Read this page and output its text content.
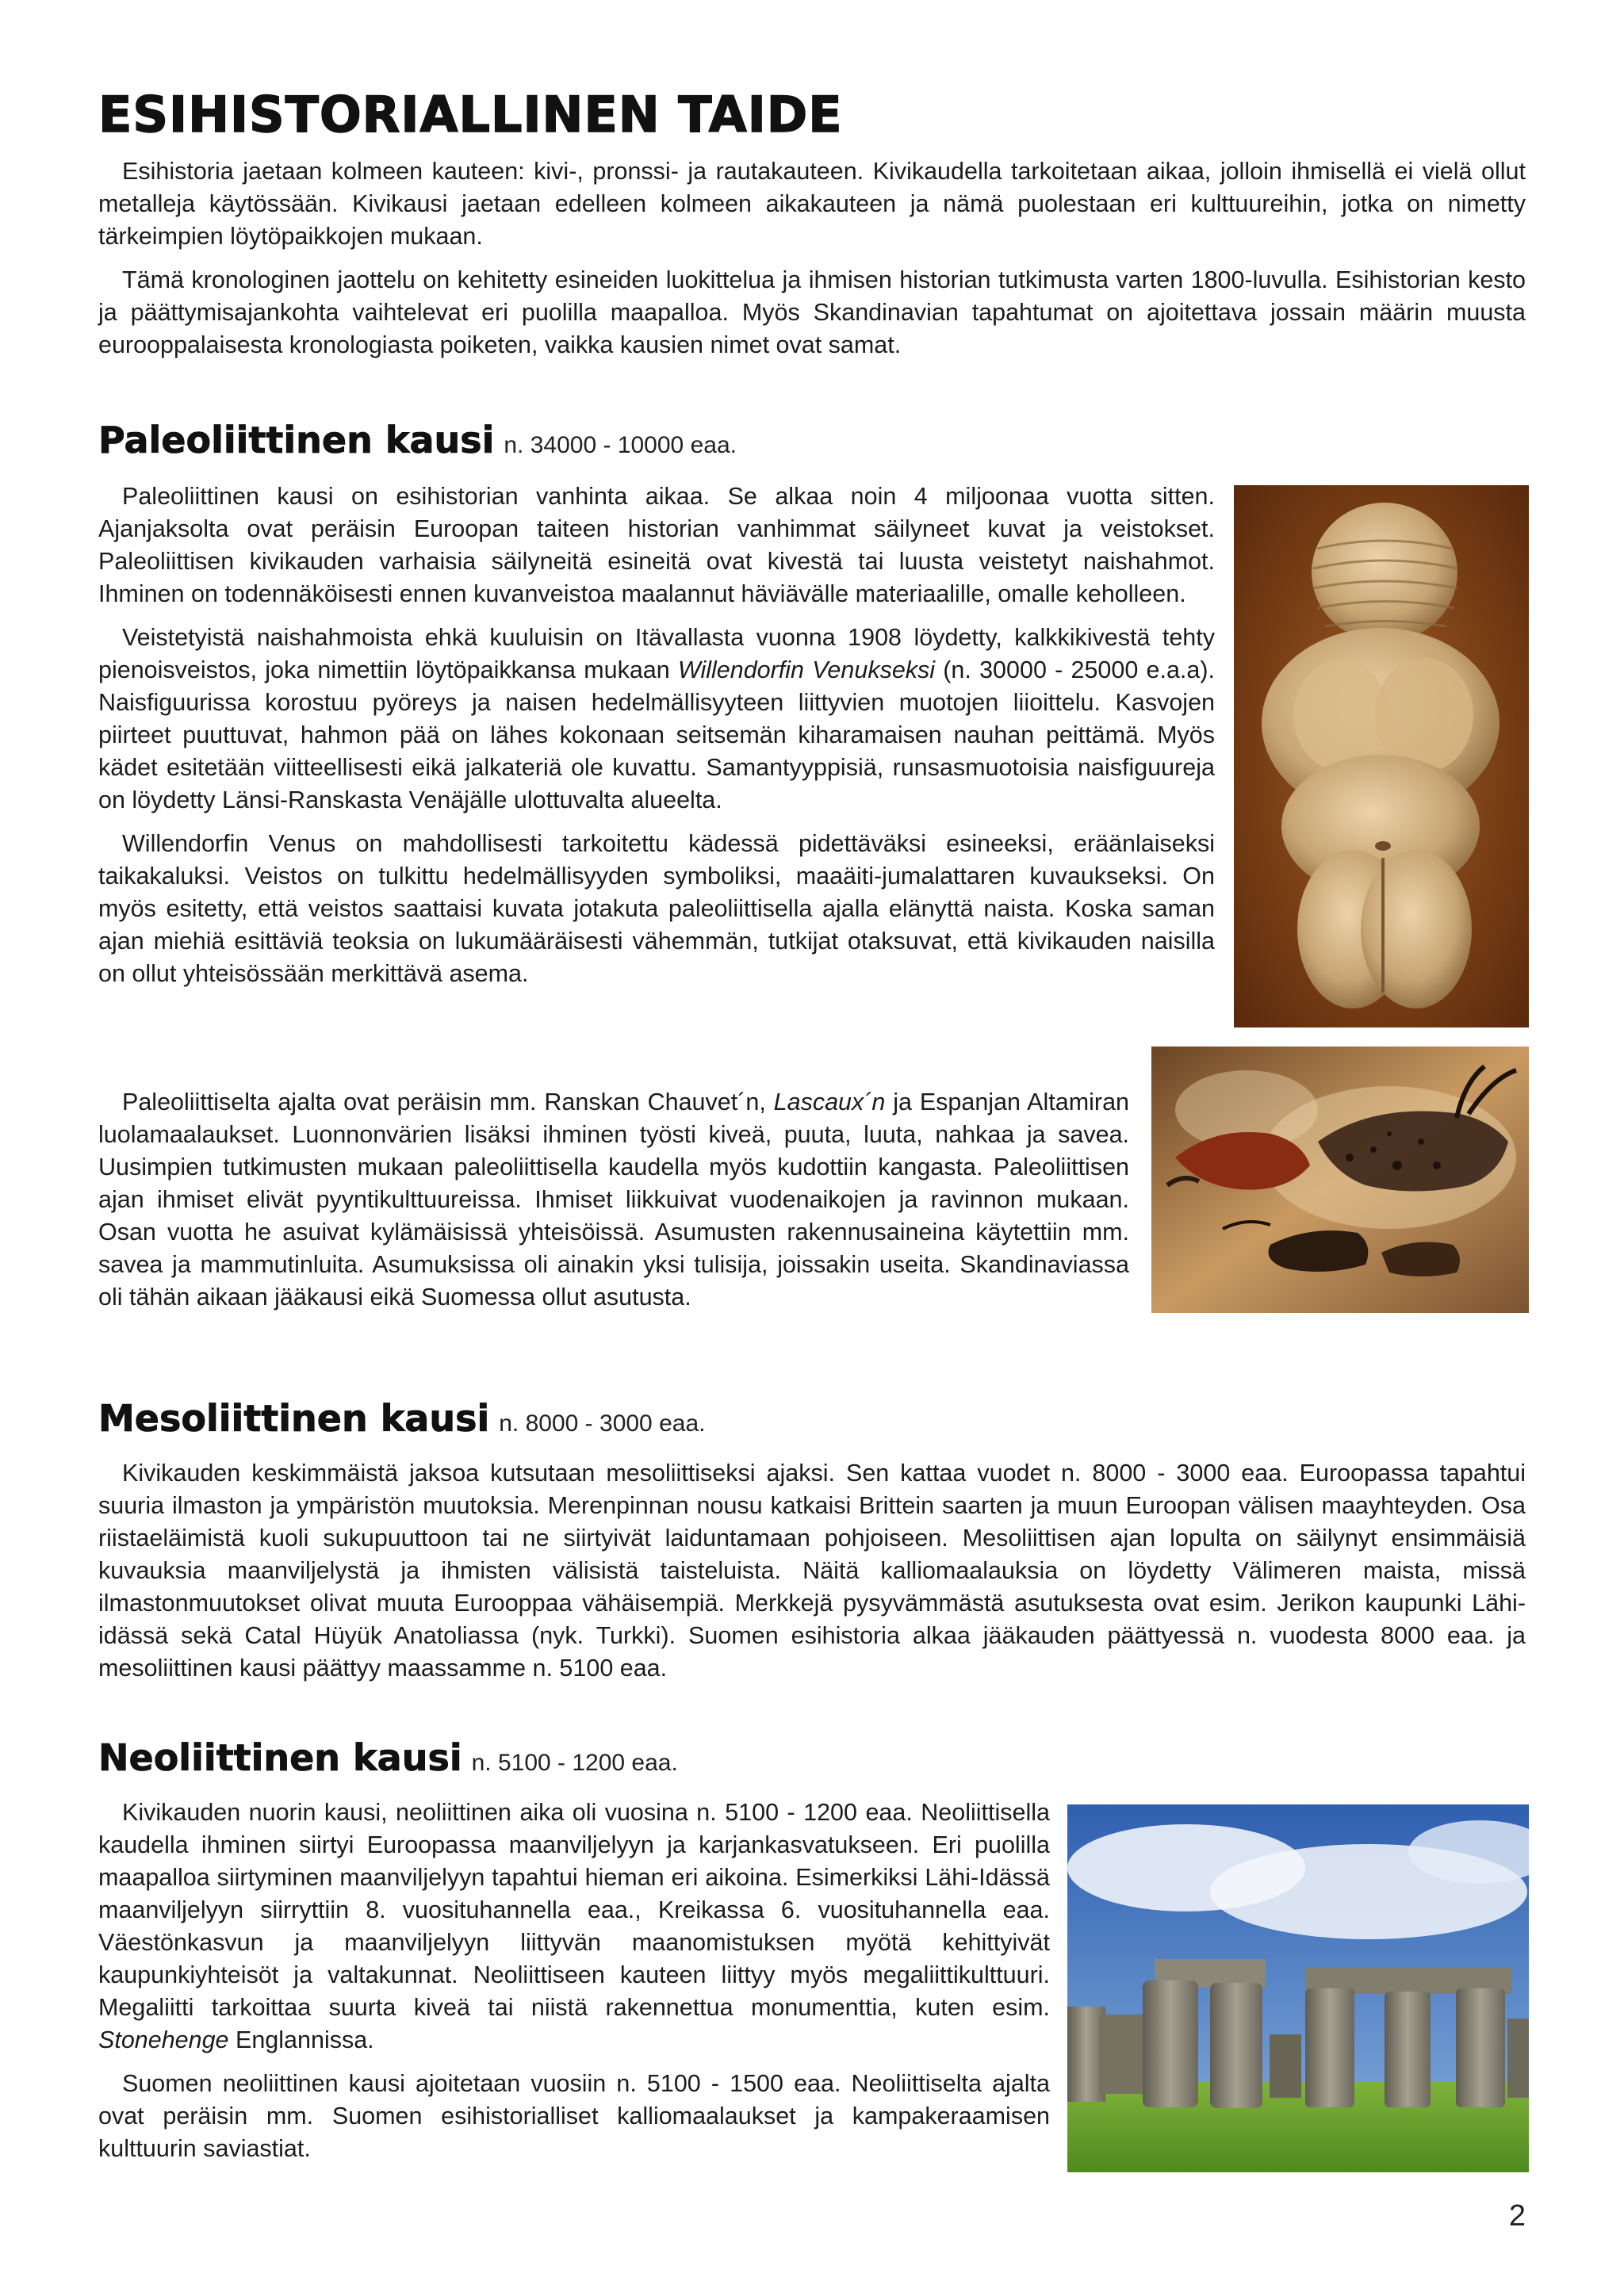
ESIHISTORIALLINEN TAIDE

Esihistoria jaetaan kolmeen kauteen: kivi-, pronssi- ja rautakauteen. Kivikaudella tarkoitetaan aikaa, jolloin ihmisellä ei vielä ollut metalleja käytössään. Kivikausi jaetaan edelleen kolmeen aikakauteen ja nämä puolestaan eri kulttuureihin, jotka on nimetty tärkeimpien löytöpaikkojen mukaan.

Tämä kronologinen jaottelu on kehitetty esineiden luokittelua ja ihmisen historian tutkimusta varten 1800-luvulla. Esihistorian kesto ja päättymisajankohta vaihtelevat eri puolilla maapalloa. Myös Skandinavian tapahtumat on ajoitettava jossain määrin muusta eurooppalaisesta kronologiasta poiketen, vaikka kausien nimet ovat samat.

Paleoliittinen kausi n. 34000 - 10000 eaa.

Paleoliittinen kausi on esihistorian vanhinta aikaa. Se alkaa noin 4 miljoonaa vuotta sitten. Ajanjaksolta ovat peräisin Euroopan taiteen historian vanhimmat säilyneet kuvat ja veistokset. Paleoliittisen kivikauden varhaisia säilyneitä esineitä ovat kivestä tai luusta veistetyt naishahmot. Ihminen on todennäköisesti ennen kuvanveistoa maalannut häviävälle materiaalille, omalle keholleen.

Veistetyistä naishahmoista ehkä kuuluisin on Itävallasta vuonna 1908 löydetty, kalkkikivestä tehty pienoisveistos, joka nimettiin löytöpaikkansa mukaan Willendorfin Venukseksi (n. 30000 - 25000 e.a.a). Naisfiguurissa korostuu pyöreys ja naisen hedelmällisyyteen liittyvien muotojen liioittelu. Kasvojen piirteet puuttuvat, hahmon pää on lähes kokonaan seitsemän kiharamaisen nauhan peittämä. Myös kädet esitetään viitteellisesti eikä jalkateriä ole kuvattu. Samantyyppisiä, runsasmuotoisia naisfiguureja on löydetty Länsi-Ranskasta Venäjälle ulottuvalta alueelta.

Willendorfin Venus on mahdollisesti tarkoitettu kädessä pidettäväksi esineeksi, eräänlaiseksi taikakaluksi. Veistos on tulkittu hedelmällisyyden symboliksi, maaäiti-jumalattaren kuvaukseksi. On myös esitetty, että veistos saattaisi kuvata jotakuta paleoliittisella ajalla elänyttä naista. Koska saman ajan miehiä esittäviä teoksia on lukumääräisesti vähemmän, tutkijat otaksuvat, että kivikauden naisilla on ollut yhteisössään merkittävä asema.

Paleoliittiselta ajalta ovat peräisin mm. Ranskan Chauvet´n, Lascaux´n ja Espanjan Altamiran luolamaalaukset. Luonnonvärien lisäksi ihminen työsti kiveä, puuta, luuta, nahkaa ja savea. Uusimpien tutkimusten mukaan paleoliittisella kaudella myös kudottiin kangasta. Paleoliittisen ajan ihmiset elivät pyyntikulttuureissa. Ihmiset liikkuivat vuodenaikojen ja ravinnon mukaan. Osan vuotta he asuivat kylämäisissä yhteisöissä. Asumusten rakennusaineina käytettiin mm. savea ja mammutinluita. Asumuksissa oli ainakin yksi tulisija, joissakin useita. Skandinaviassa oli tähän aikaan jääkausi eikä Suomessa ollut asutusta.

Mesoliittinen kausi n. 8000 - 3000 eaa.

Kivikauden keskimmäistä jaksoa kutsutaan mesoliittiseksi ajaksi. Sen kattaa vuodet n. 8000 - 3000 eaa. Euroopassa tapahtui suuria ilmaston ja ympäristön muutoksia. Merenpinnan nousu katkaisi Brittein saarten ja muun Euroopan välisen maayhteyden. Osa riistaeläimistä kuoli sukupuuttoon tai ne siirtyivät laiduntamaan pohjoiseen. Mesoliittisen ajan lopulta on säilynyt ensimmäisiä kuvauksia maanviljelystä ja ihmisten välisistä taisteluista. Näitä kalliomaalauksia on löydetty Välimeren maista, missä ilmastonmuutokset olivat muuta Eurooppaa vähäisempiä. Merkkejä pysyvämmästä asutuksesta ovat esim. Jerikon kaupunki Lähi-idässä sekä Catal Hüyük Anatoliassa (nyk. Turkki). Suomen esihistoria alkaa jääkauden päättyessä n. vuodesta 8000 eaa. ja mesoliittinen kausi päättyy maassamme n. 5100 eaa.

Neoliittinen kausi n. 5100 - 1200 eaa.

Kivikauden nuorin kausi, neoliittinen aika oli vuosina n. 5100 - 1200 eaa. Neoliittisella kaudella ihminen siirtyi Euroopassa maanviljelyyn ja karjankasvatukseen. Eri puolilla maapalloa siirtyminen maanviljelyyn tapahtui hieman eri aikoina. Esimerkiksi Lähi-Idässä maanviljelyyn siirryttiin 8. vuosituhannella eaa., Kreikassa 6. vuosituhannella eaa. Väestönkasvun ja maanviljelyyn liittyvän maanomistuksen myötä kehittyivät kaupunkiyhteisöt ja valtakunnat. Neoliittiseen kauteen liittyy myös megaliittikulttuuri. Megaliitti tarkoittaa suurta kiveä tai niistä rakennettua monumenttia, kuten esim. Stonehenge Englannissa.

Suomen neoliittinen kausi ajoitetaan vuosiin n. 5100 - 1500 eaa. Neoliittiselta ajalta ovat peräisin mm. Suomen esihistorialliset kalliomaalaukset ja kampakeraamisen kulttuurin saviastiat.

2
